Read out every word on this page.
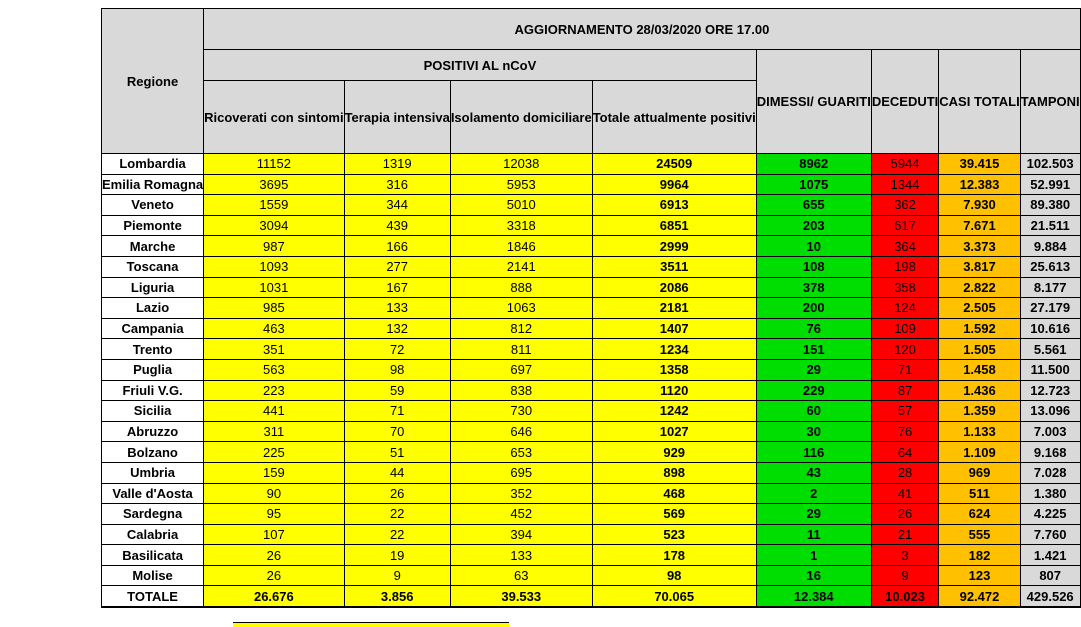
Regione	AGGIORNAMENTO 28/03/2020 ORE 17.00							
	POSITIVI AL nCoV				DIMESSI/ GUARITI	DECEDUTI	CASI TOTALI	TAMPONI
	Ricoverati con sintomi	Terapia intensiva	Isolamento domiciliare	Totale attualmente positivi				
Lombardia	11152	1319	12038	24509	8962	5944	39.415	102.503
Emilia Romagna	3695	316	5953	9964	1075	1344	12.383	52.991
Veneto	1559	344	5010	6913	655	362	7.930	89.380
Piemonte	3094	439	3318	6851	203	617	7.671	21.511
Marche	987	166	1846	2999	10	364	3.373	9.884
Toscana	1093	277	2141	3511	108	198	3.817	25.613
Liguria	1031	167	888	2086	378	358	2.822	8.177
Lazio	985	133	1063	2181	200	124	2.505	27.179
Campania	463	132	812	1407	76	109	1.592	10.616
Trento	351	72	811	1234	151	120	1.505	5.561
Puglia	563	98	697	1358	29	71	1.458	11.500
Friuli V.G.	223	59	838	1120	229	87	1.436	12.723
Sicilia	441	71	730	1242	60	57	1.359	13.096
Abruzzo	311	70	646	1027	30	76	1.133	7.003
Bolzano	225	51	653	929	116	64	1.109	9.168
Umbria	159	44	695	898	43	28	969	7.028
Valle d'Aosta	90	26	352	468	2	41	511	1.380
Sardegna	95	22	452	569	29	26	624	4.225
Calabria	107	22	394	523	11	21	555	7.760
Basilicata	26	19	133	178	1	3	182	1.421
Molise	26	9	63	98	16	9	123	807
TOTALE	26.676	3.856	39.533	70.065	12.384	10.023	92.472	429.526
